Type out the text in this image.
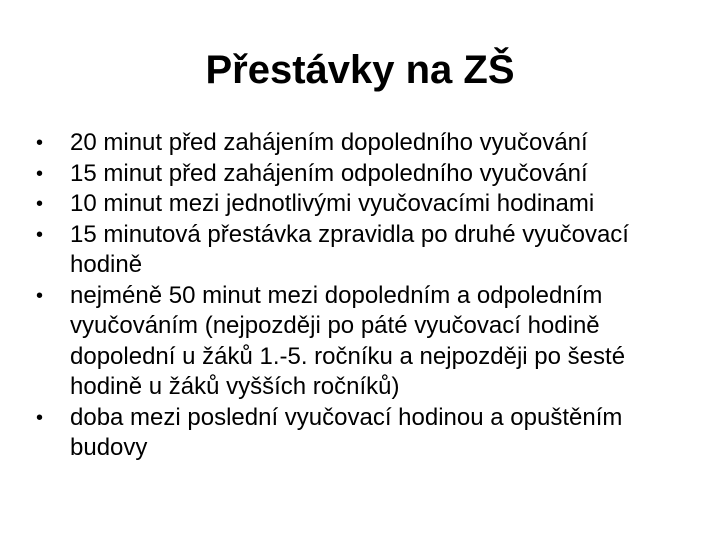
Přestávky na ZŠ
•	20 minut před zahájením dopoledního vyučování
•	15 minut před zahájením odpoledního vyučování
•	10 minut mezi jednotlivými vyučovacími hodinami
•	15 minutová přestávka zpravidla po druhé vyučovací hodině
•	nejméně 50 minut mezi dopoledním a odpoledním vyučováním (nejpozději po páté vyučovací hodině dopolední u žáků 1.-5. ročníku a nejpozději po šesté hodině u žáků vyšších ročníků)
•	doba mezi poslední vyučovací hodinou a opuštěním budovy
